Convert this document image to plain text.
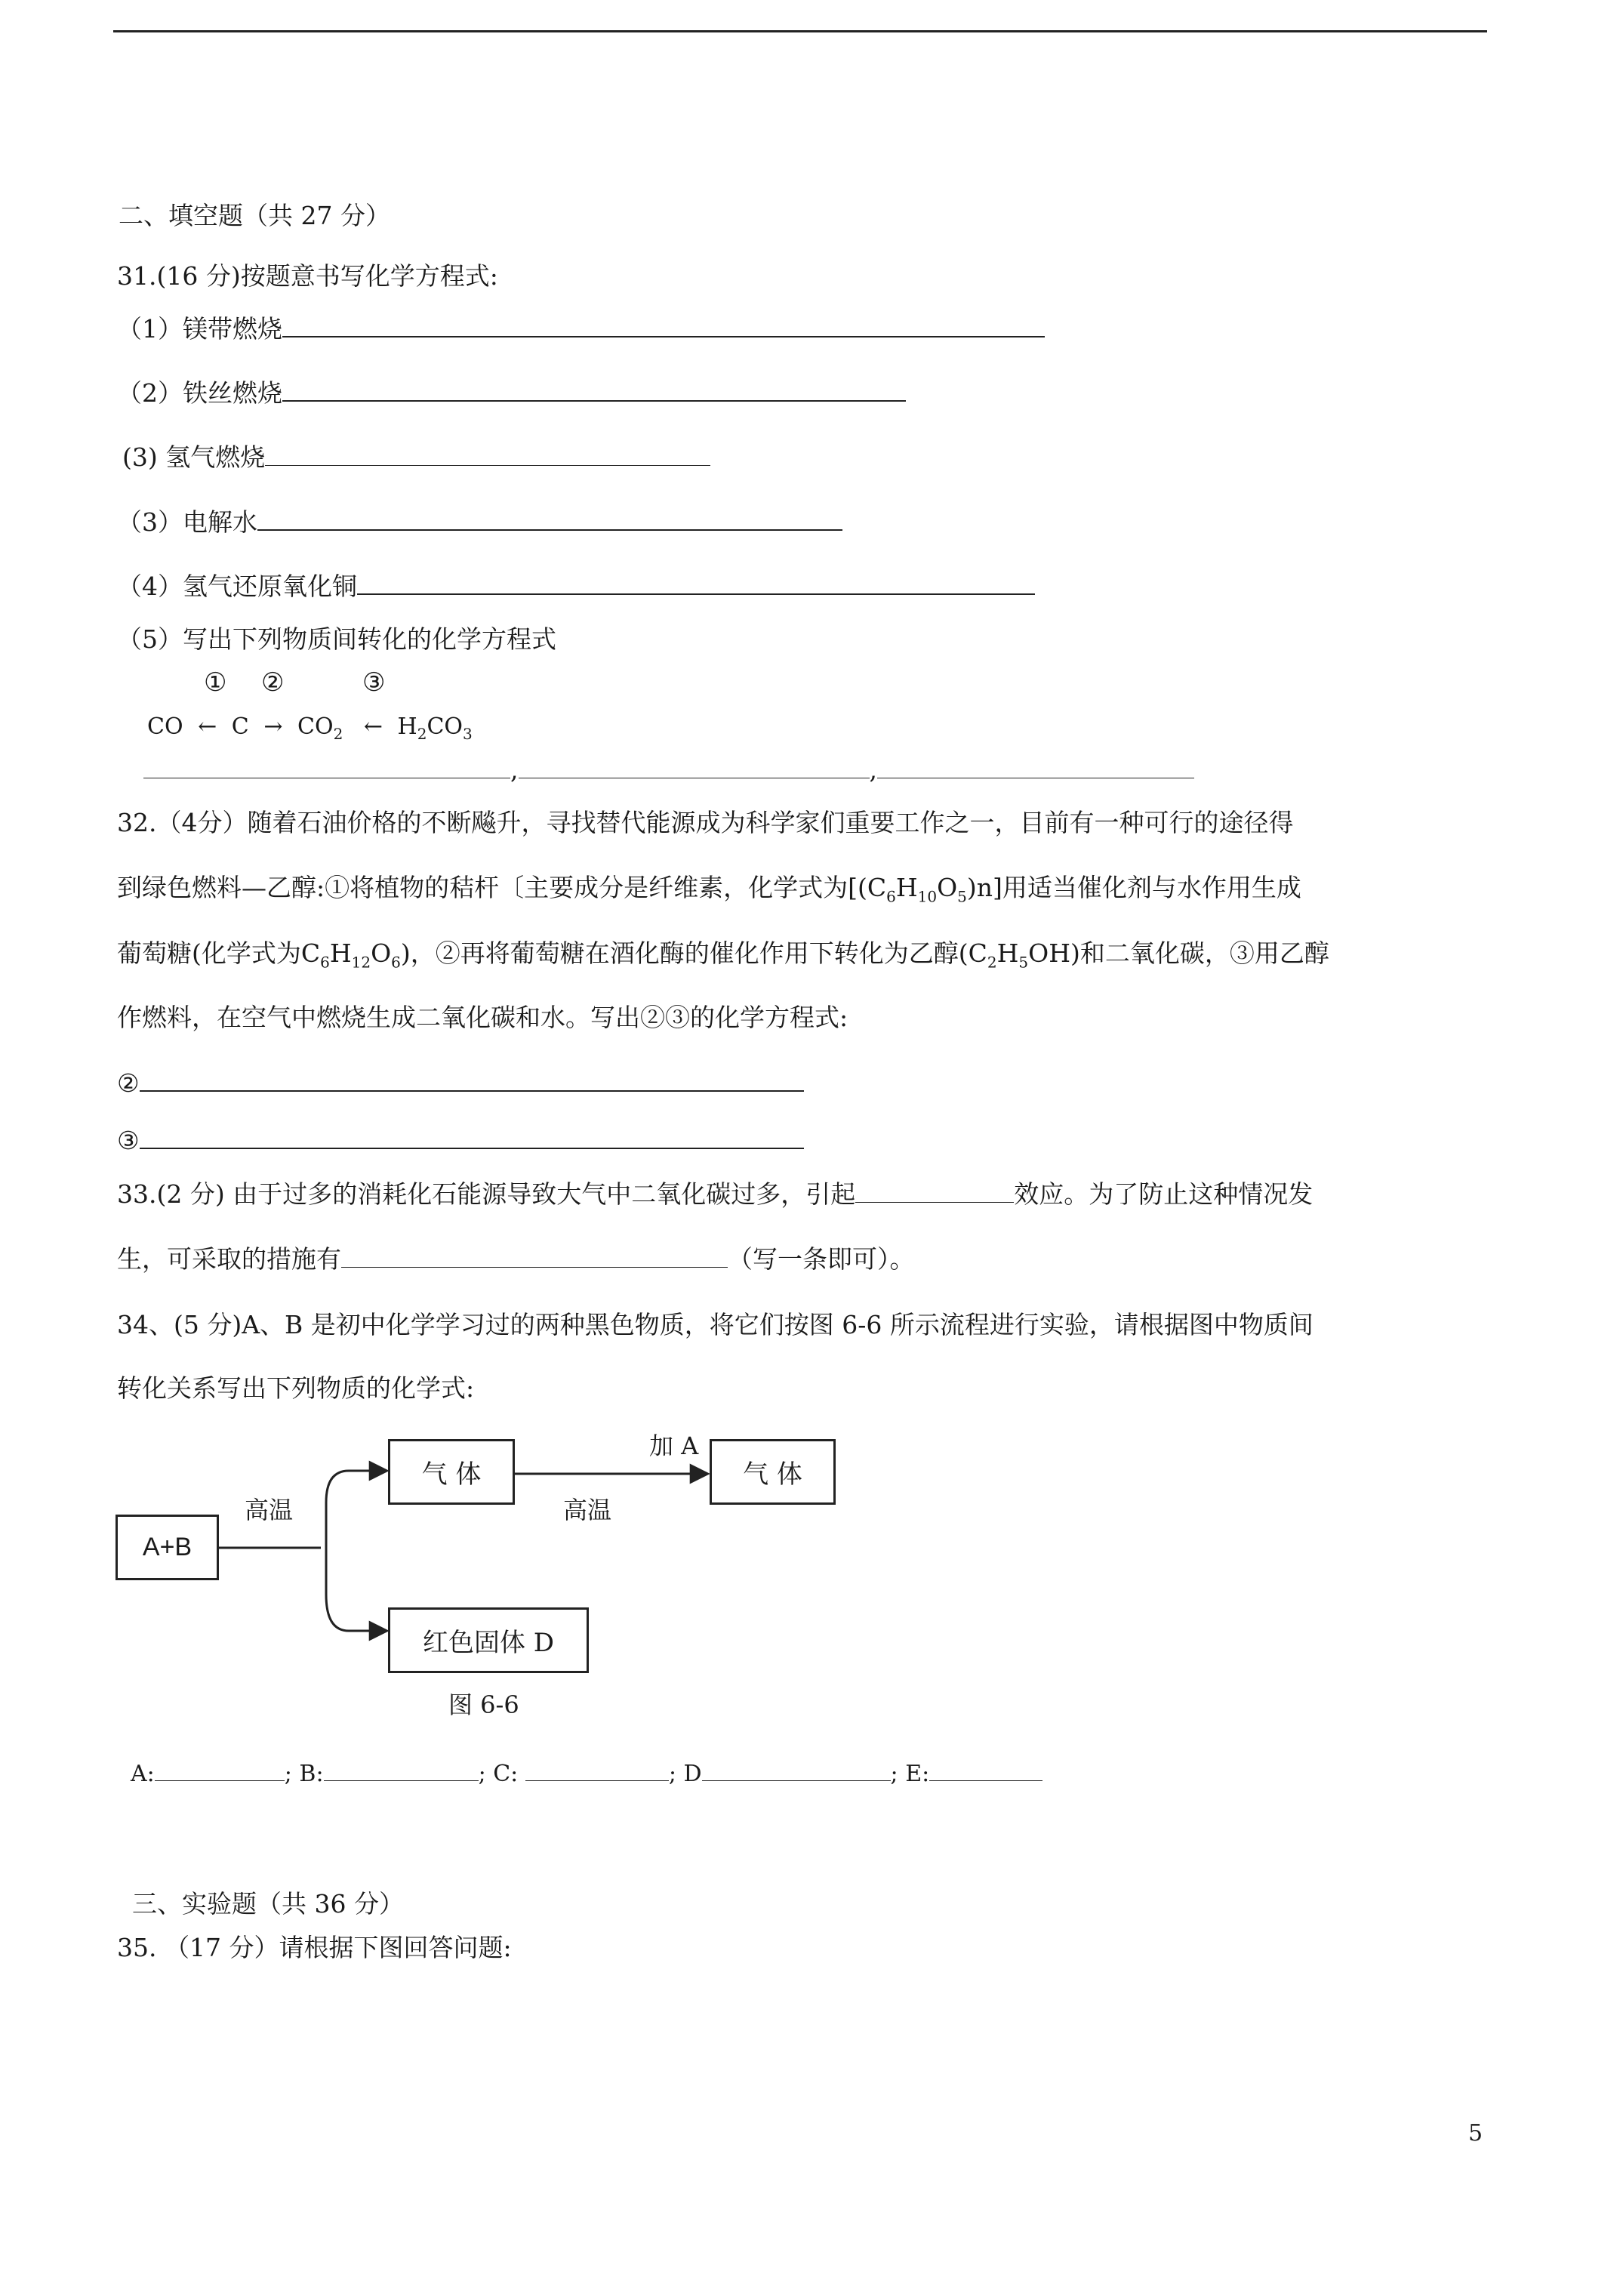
二、填空题（共 27 分）
31.(16 分)按题意书写化学方程式:
（1）镁带燃烧
（2）铁丝燃烧
(3) 氢气燃烧
（3）电解水
（4）氢气还原氧化铜
（5）写出下列物质间转化的化学方程式
① ②	③
CO ← $C \to CO_2$ ← $H_2CO_3$
,	,
32.（4分）随着石油价格的不断飚升，寻找替代能源成为科学家们重要工作之一，目前有一种可行的途径得
到绿色燃料—乙醇:①将植物的秸杆〔主要成分是纤维素，化学式为$[(C_6H_{10}O_5)n]$用适当催化剂与水作用生成
葡萄糖(化学式为$C_6H_{12}O_6$)，②再将葡萄糖在酒化酶的催化作用下转化为乙醇$(C_2H_5OH)$和二氧化碳，③用乙醇
作燃料，在空气中燃烧生成二氧化碳和水。写出②③的化学方程式:
②
③
33.(2 分) 由于过多的消耗化石能源导致大气中二氧化碳过多，引起	效应。为了防止这种情况发
生，可采取的措施有	（写一条即可）。
34、(5 分)A、B 是初中化学学习过的两种黑色物质，将它们按图 6-6 所示流程进行实验，请根据图中物质间
转化关系写出下列物质的化学式:
A+B
高温
气 体
加 A
高温
气 体
红色固体 D
图 6-6
A:	; B:	; C:	; D	; E:
三、实验题（共 36 分）
35. （17 分）请根据下图回答问题:
5
